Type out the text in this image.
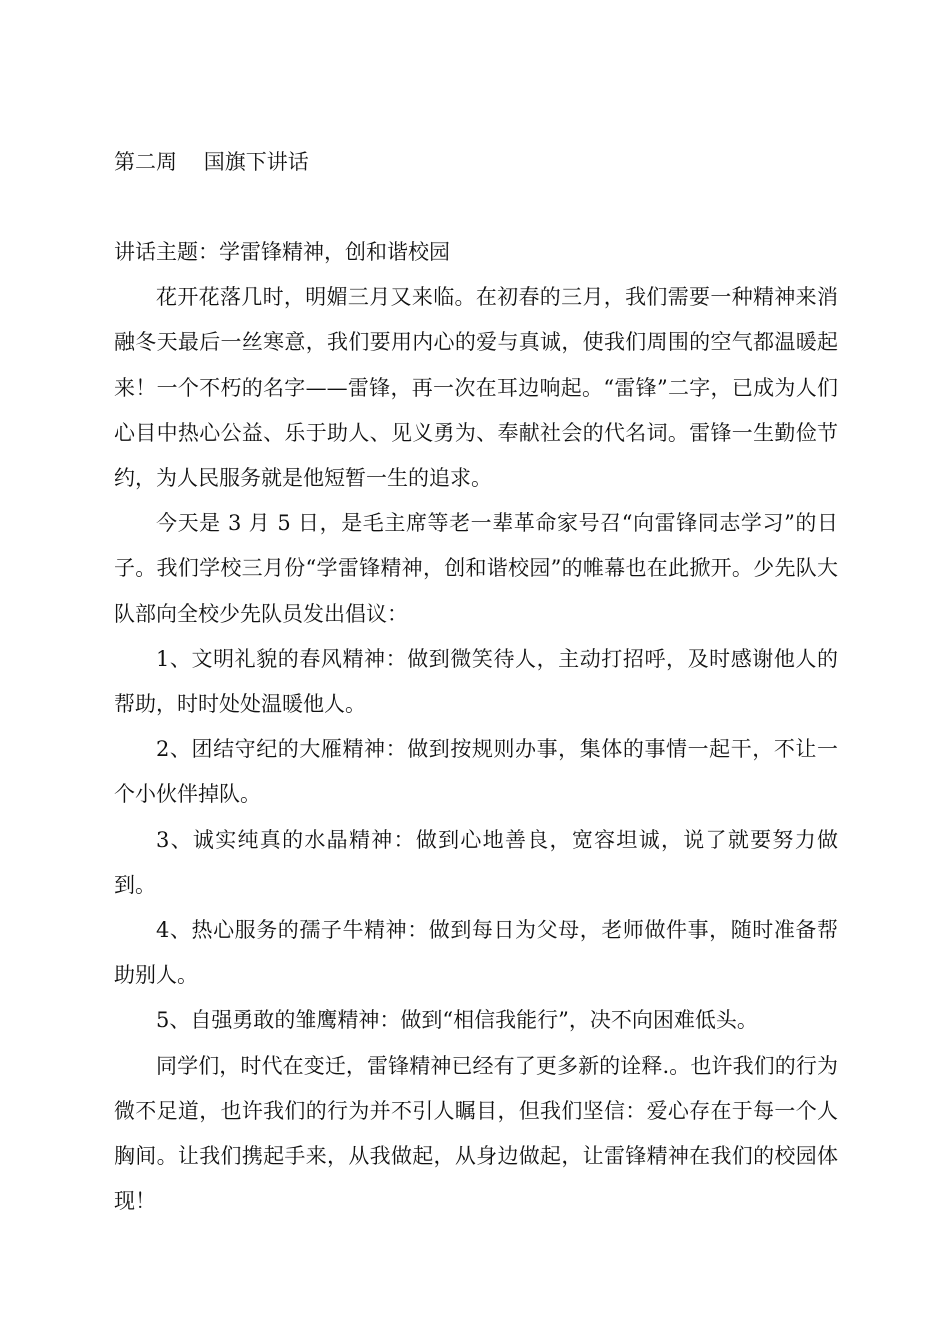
第二周    国旗下讲话

讲话主题：学雷锋精神，创和谐校园

花开花落几时，明媚三月又来临。在初春的三月，我们需要一种精神来消融冬天最后一丝寒意，我们要用内心的爱与真诚，使我们周围的空气都温暖起来！一个不朽的名字——雷锋，再一次在耳边响起。“雷锋”二字，已成为人们心目中热心公益、乐于助人、见义勇为、奉献社会的代名词。雷锋一生勤俭节约，为人民服务就是他短暂一生的追求。

今天是 3 月 5 日，是毛主席等老一辈革命家号召“向雷锋同志学习”的日子。我们学校三月份“学雷锋精神，创和谐校园”的帷幕也在此掀开。少先队大队部向全校少先队员发出倡议：

1、文明礼貌的春风精神：做到微笑待人，主动打招呼，及时感谢他人的帮助，时时处处温暖他人。

2、团结守纪的大雁精神：做到按规则办事，集体的事情一起干，不让一个小伙伴掉队。

3、诚实纯真的水晶精神：做到心地善良，宽容坦诚，说了就要努力做到。

4、热心服务的孺子牛精神：做到每日为父母，老师做件事，随时准备帮助别人。

5、自强勇敢的雏鹰精神：做到“相信我能行”，决不向困难低头。

同学们，时代在变迁，雷锋精神已经有了更多新的诠释.。也许我们的行为微不足道，也许我们的行为并不引人瞩目，但我们坚信：爱心存在于每一个人胸间。让我们携起手来，从我做起，从身边做起，让雷锋精神在我们的校园体现！
